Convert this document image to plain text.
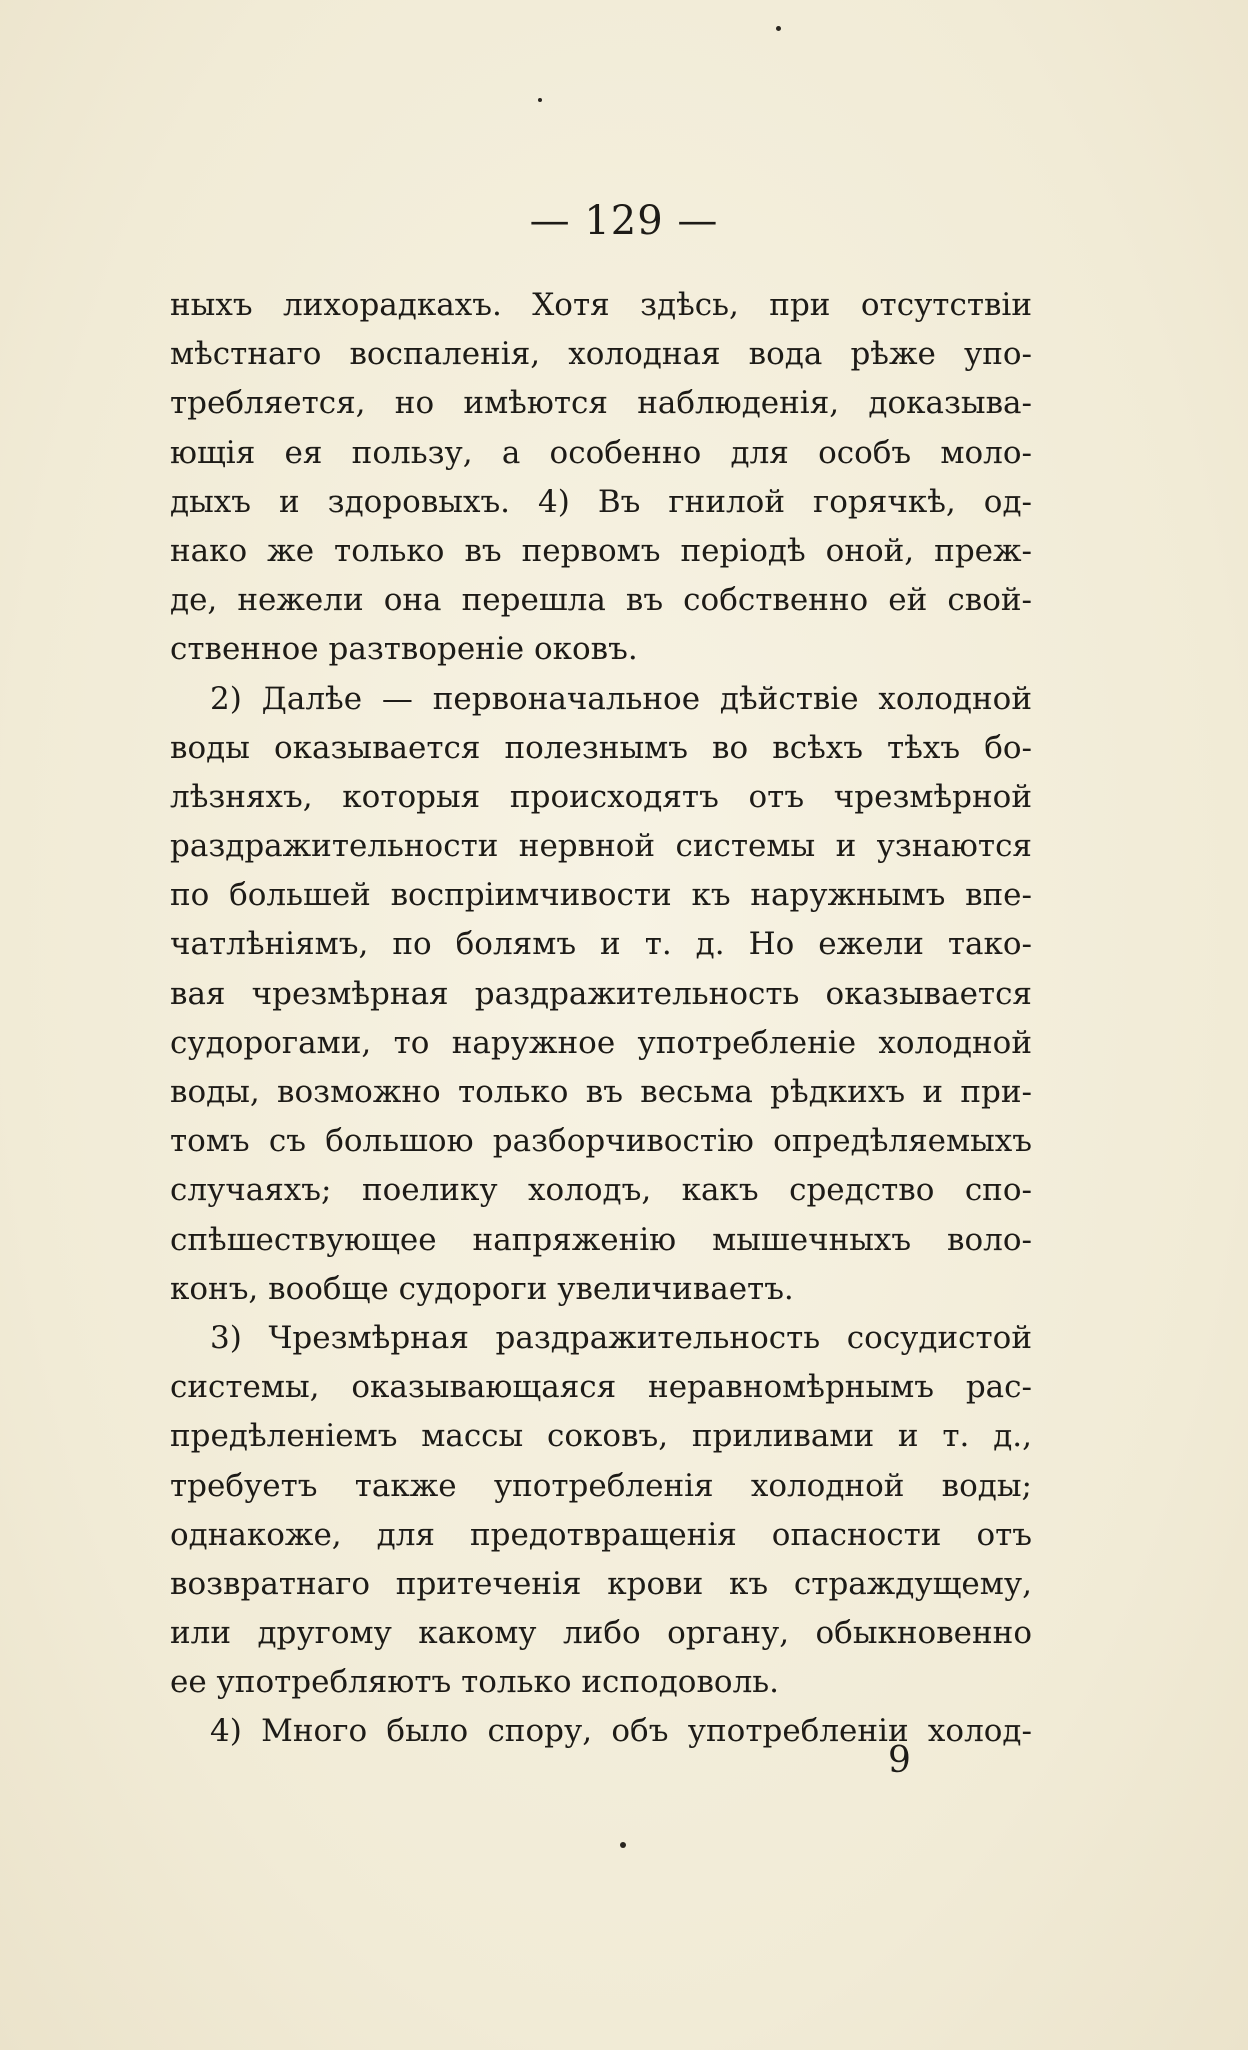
— 129 —
ныхъ лихорадкахъ. Хотя здѣсь, при отсутствіи
мѣстнаго воспаленія, холодная вода рѣже упо-
требляется, но имѣются наблюденія, доказыва-
ющія ея пользу, а особенно для особъ моло-
дыхъ и здоровыхъ. 4) Въ гнилой горячкѣ, од-
нако же только въ первомъ періодѣ оной, преж-
де, нежели она перешла въ собственно ей свой-
ственное разтвореніе оковъ.
2) Далѣе — первоначальное дѣйствіе холодной
воды оказывается полезнымъ во всѣхъ тѣхъ бо-
лѣзняхъ, которыя происходятъ отъ чрезмѣрной
раздражительности нервной системы и узнаются
по большей воспріимчивости къ наружнымъ впе-
чатлѣніямъ, по болямъ и т. д. Но ежели тако-
вая чрезмѣрная раздражительность оказывается
судорогами, то наружное употребленіе холодной
воды, возможно только въ весьма рѣдкихъ и при-
томъ съ большою разборчивостію опредѣляемыхъ
случаяхъ; поелику холодъ, какъ средство спо-
спѣшествующее напряженію мышечныхъ воло-
конъ, вообще судороги увеличиваетъ.
3) Чрезмѣрная раздражительность сосудистой
системы, оказывающаяся неравномѣрнымъ рас-
предѣленіемъ массы соковъ, приливами и т. д.,
требуетъ также употребленія холодной воды;
однакоже, для предотвращенія опасности отъ
возвратнаго притеченія крови къ страждущему,
или другому какому либо органу, обыкновенно
ее употребляютъ только исподоволь.
4) Много было спору, объ употребленіи холод-
9
